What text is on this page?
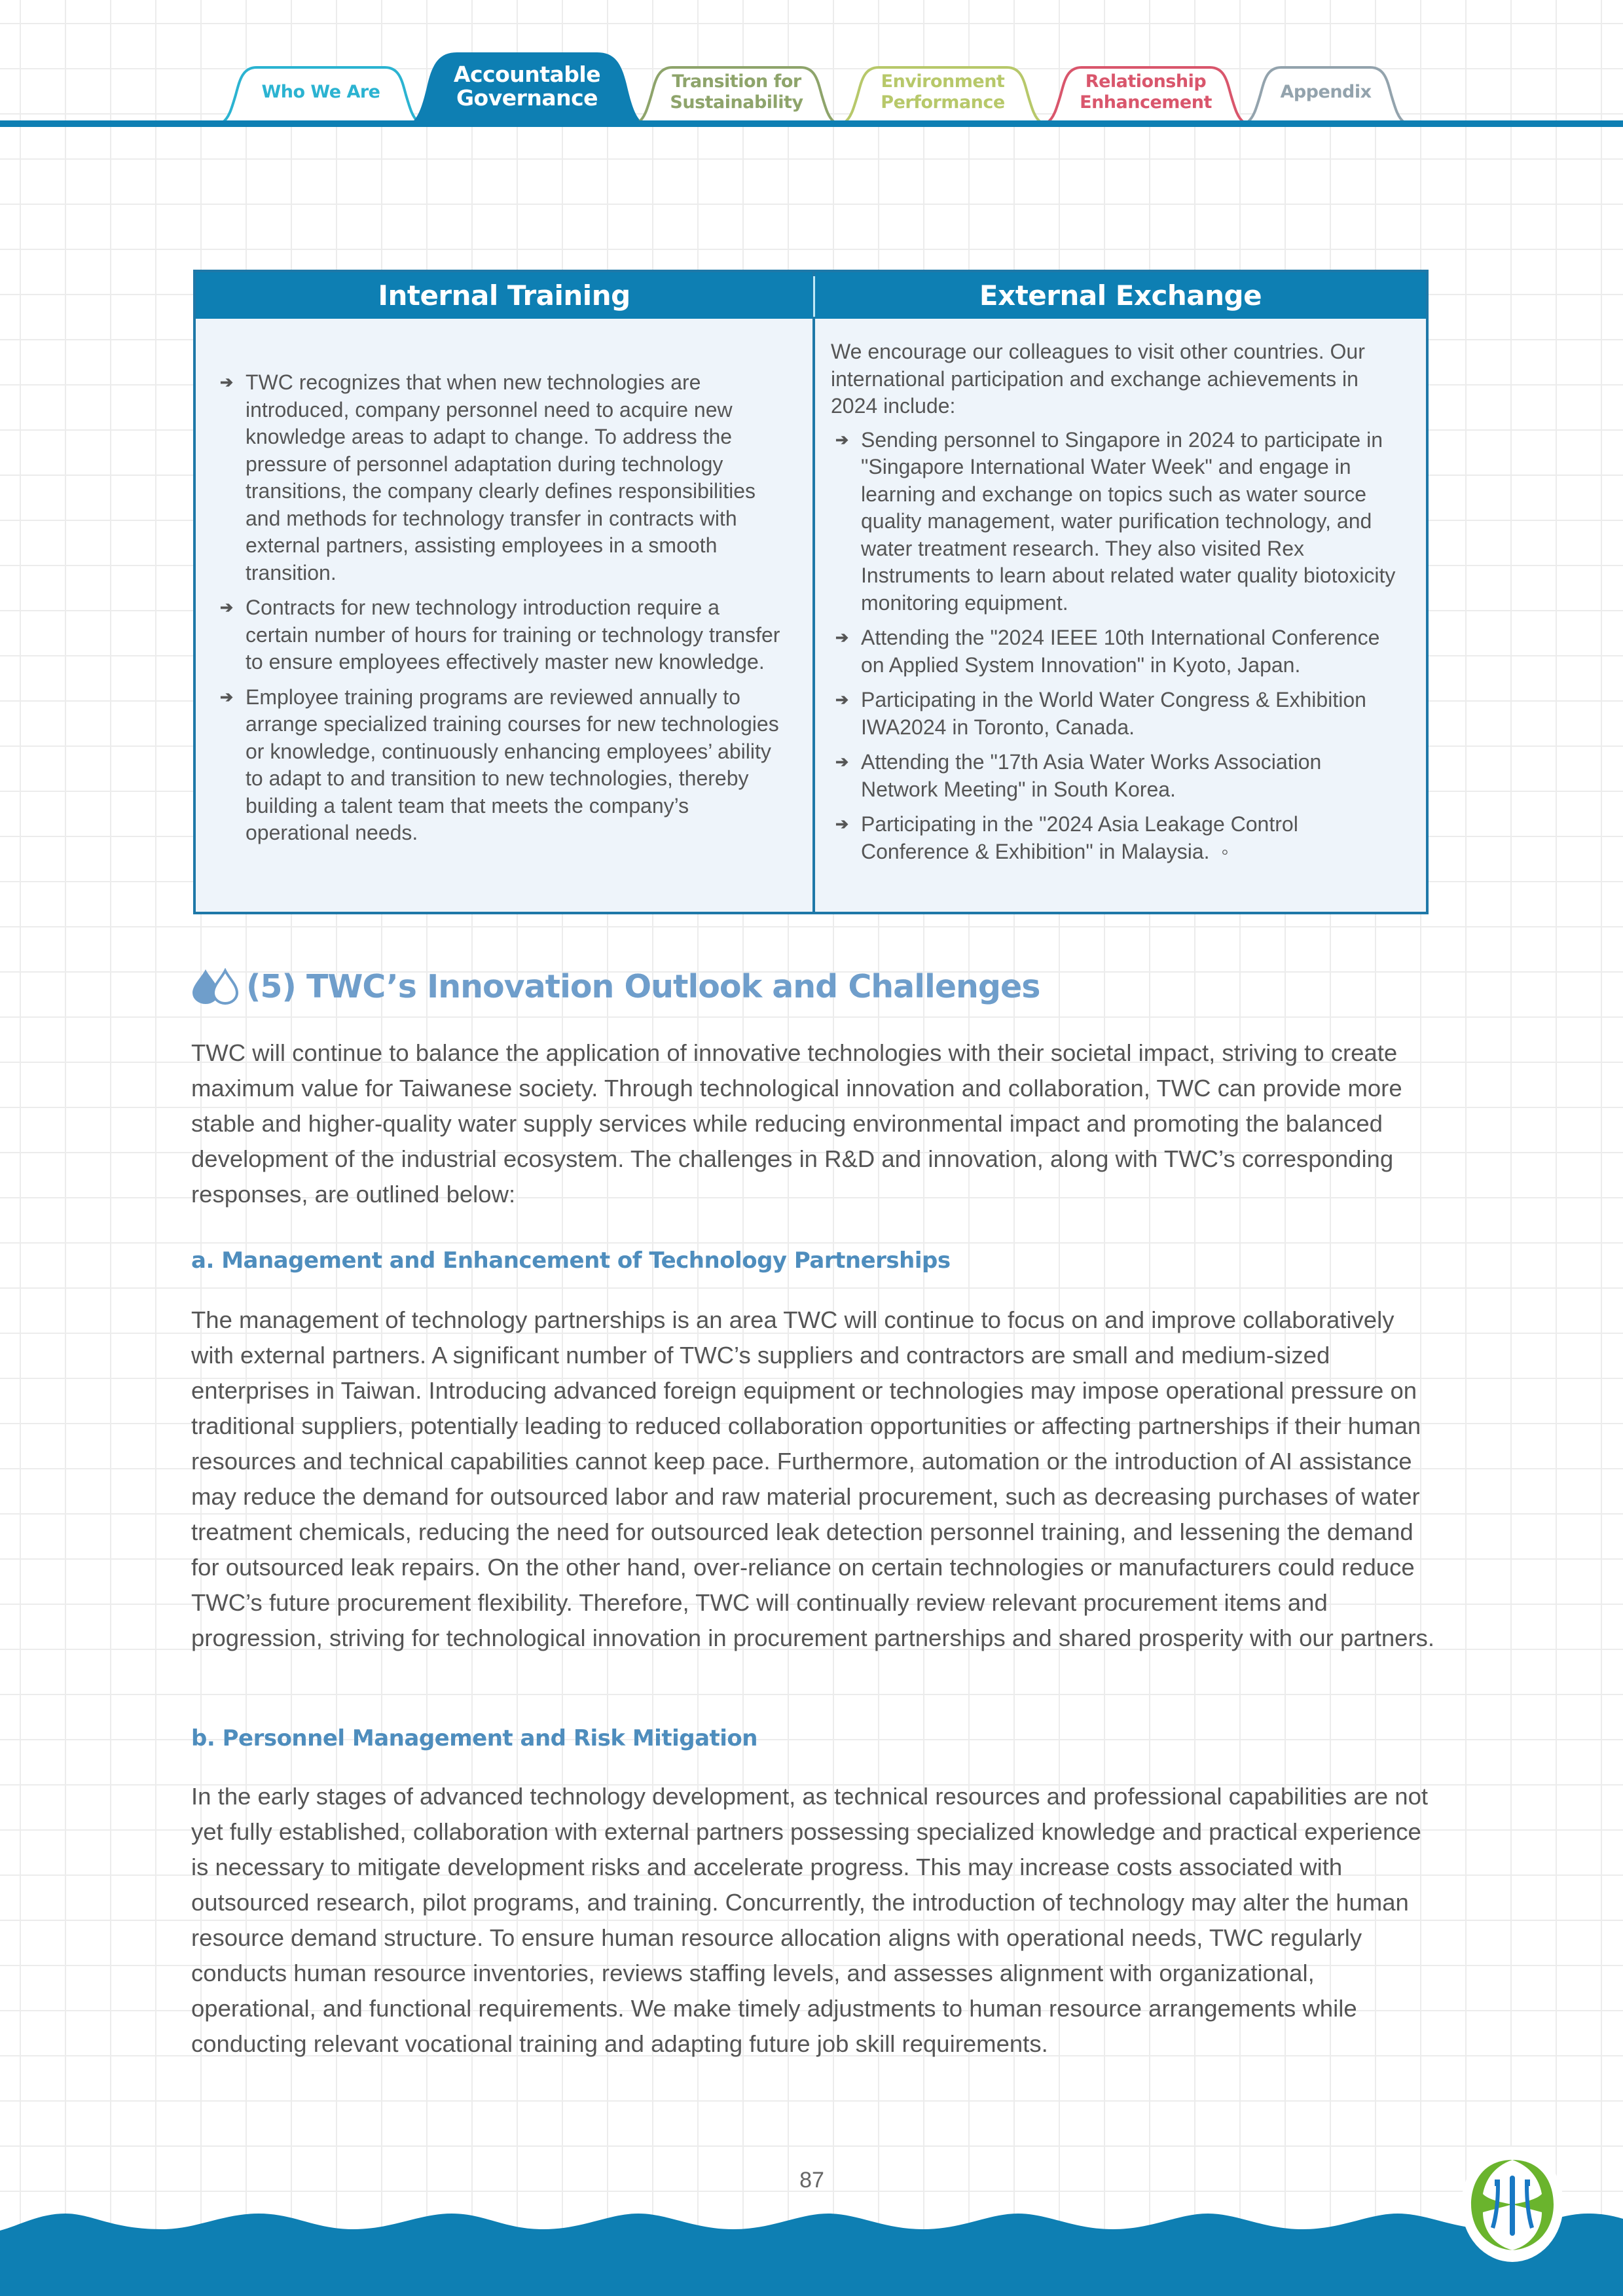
Who We Are
Accountable
Governance
Transition for
Sustainability
Environment
Performance
Relationship
Enhancement
Appendix
Internal Training
➔ TWC recognizes that when new technologies are introduced, company personnel need to acquire new knowledge areas to adapt to change. To address the pressure of personnel adaptation during technology transitions, the company clearly defines responsibilities and methods for technology transfer in contracts with external partners, assisting employees in a smooth transition.
➔ Contracts for new technology introduction require a certain number of hours for training or technology transfer to ensure employees effectively master new knowledge.
➔ Employee training programs are reviewed annually to arrange specialized training courses for new technologies or knowledge, continuously enhancing employees’ ability to adapt to and transition to new technologies, thereby building a talent team that meets the company’s operational needs.
External Exchange

We encourage our colleagues to visit other countries. Our international participation and exchange achievements in 2024 include:

➔ Sending personnel to Singapore in 2024 to participate in "Singapore International Water Week" and engage in learning and exchange on topics such as water source quality management, water purification technology, and water treatment research. They also visited Rex Instruments to learn about related water quality biotoxicity monitoring equipment.
➔ Attending the "2024 IEEE 10th International Conference on Applied System Innovation" in Kyoto, Japan.
➔ Participating in the World Water Congress & Exhibition IWA2024 in Toronto, Canada.
➔ Attending the "17th Asia Water Works Association Network Meeting" in South Korea.
➔ Participating in the "2024 Asia Leakage Control Conference & Exhibition" in Malaysia.  ◦
(5) TWC’s Innovation Outlook and Challenges

TWC will continue to balance the application of innovative technologies with their societal impact, striving to create maximum value for Taiwanese society. Through technological innovation and collaboration, TWC can provide more stable and higher-quality water supply services while reducing environmental impact and promoting the balanced development of the industrial ecosystem. The challenges in R&D and innovation, along with TWC’s corresponding responses, are outlined below:

a. Management and Enhancement of Technology Partnerships

The management of technology partnerships is an area TWC will continue to focus on and improve collaboratively with external partners. A significant number of TWC’s suppliers and contractors are small and medium-sized enterprises in Taiwan. Introducing advanced foreign equipment or technologies may impose operational pressure on traditional suppliers, potentially leading to reduced collaboration opportunities or affecting partnerships if their human resources and technical capabilities cannot keep pace. Furthermore, automation or the introduction of AI assistance may reduce the demand for outsourced labor and raw material procurement, such as decreasing purchases of water treatment chemicals, reducing the need for outsourced leak detection personnel training, and lessening the demand for outsourced leak repairs. On the other hand, over-reliance on certain technologies or manufacturers could reduce TWC’s future procurement flexibility. Therefore, TWC will continually review relevant procurement items and progression, striving for technological innovation in procurement partnerships and shared prosperity with our partners.

b. Personnel Management and Risk Mitigation

In the early stages of advanced technology development, as technical resources and professional capabilities are not yet fully established, collaboration with external partners possessing specialized knowledge and practical experience is necessary to mitigate development risks and accelerate progress. This may increase costs associated with outsourced research, pilot programs, and training. Concurrently, the introduction of technology may alter the human resource demand structure. To ensure human resource allocation aligns with operational needs, TWC regularly conducts human resource inventories, reviews staffing levels, and assesses alignment with organizational, operational, and functional requirements. We make timely adjustments to human resource arrangements while conducting relevant vocational training and adapting future job skill requirements.

87
